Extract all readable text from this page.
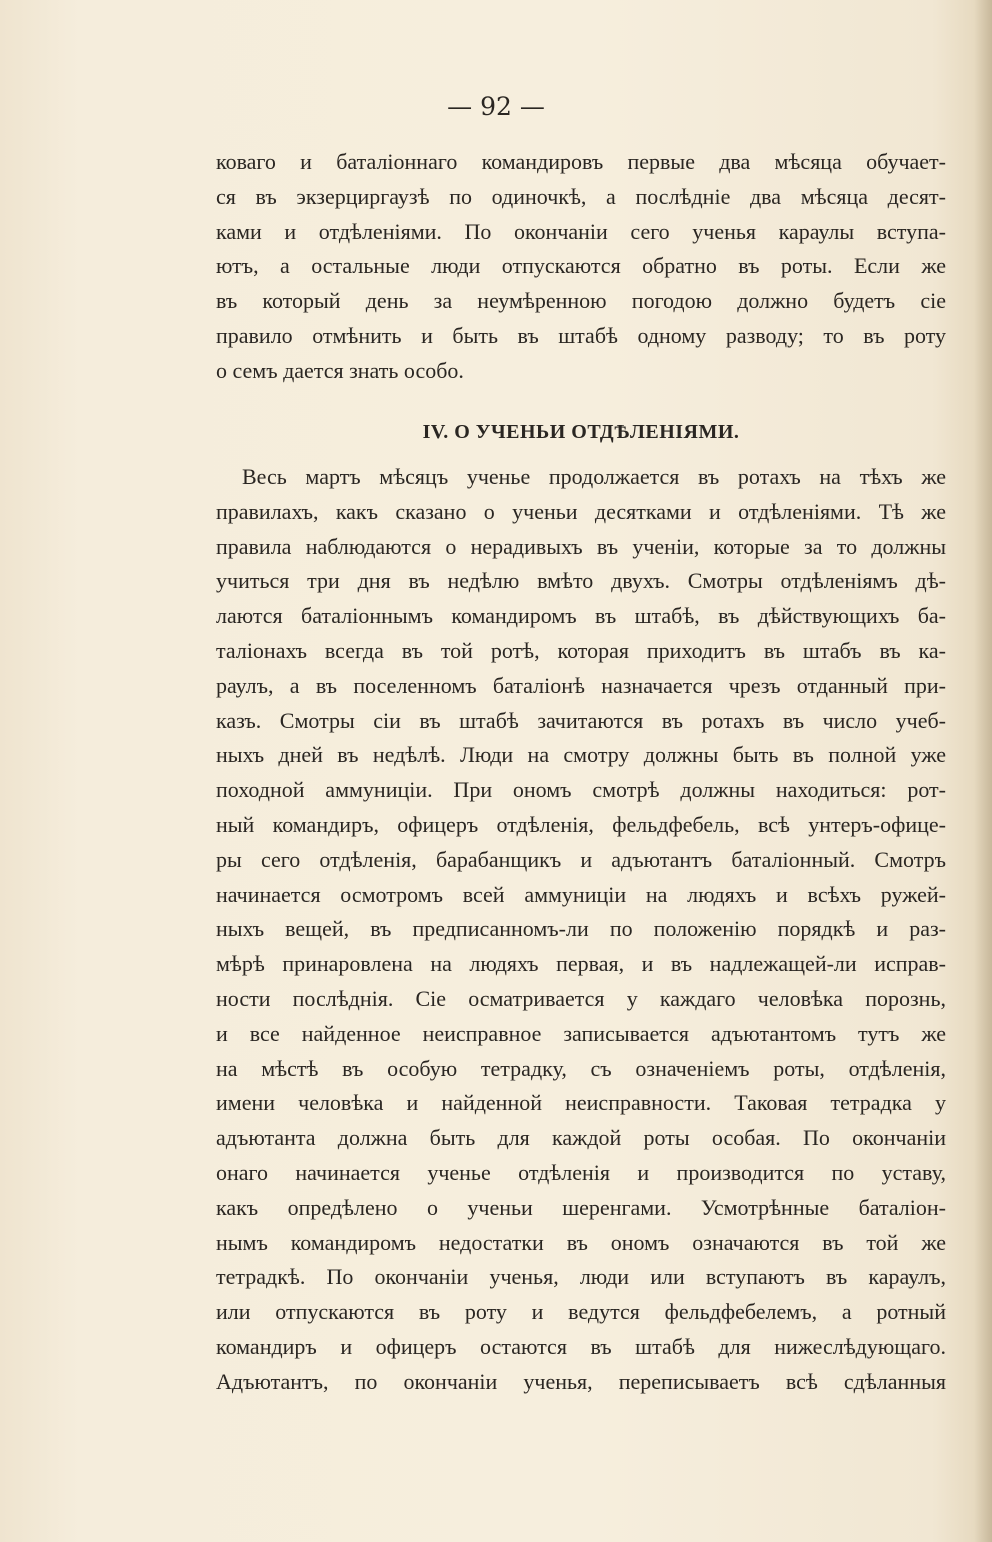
— 92 —

коваго и баталіоннаго командировъ первые два мѣсяца обучает-
ся въ экзерциргаузѣ по одиночкѣ, а послѣдніе два мѣсяца десят-
ками и отдѣленіями. По окончаніи сего ученья караулы вступа-
ютъ, а остальные люди отпускаются обратно въ роты. Если же
въ который день за неумѣренною погодою должно будетъ сіе
правило отмѣнить и быть въ штабѣ одному разводу; то въ роту
о семъ дается знать особо.
IV. О УЧЕНЬИ ОТДѢЛЕНІЯМИ.
Весь мартъ мѣсяцъ ученье продолжается въ ротахъ на тѣхъ же
правилахъ, какъ сказано о ученьи десятками и отдѣленіями. Тѣ же
правила наблюдаются о нерадивыхъ въ ученіи, которые за то должны
учиться три дня въ недѣлю вмѣто двухъ. Смотры отдѣленіямъ дѣ-
лаются баталіоннымъ командиромъ въ штабѣ, въ дѣйствующихъ ба-
таліонахъ всегда въ той ротѣ, которая приходитъ въ штабъ въ ка-
раулъ, а въ поселенномъ баталіонѣ назначается чрезъ отданный при-
казъ. Смотры сіи въ штабѣ зачитаются въ ротахъ въ число учеб-
ныхъ дней въ недѣлѣ. Люди на смотру должны быть въ полной уже
походной аммуниціи. При ономъ смотрѣ должны находиться: рот-
ный командиръ, офицеръ отдѣленія, фельдфебель, всѣ унтеръ-офице-
ры сего отдѣленія, барабанщикъ и адъютантъ баталіонный. Смотръ
начинается осмотромъ всей аммуниціи на людяхъ и всѣхъ ружей-
ныхъ вещей, въ предписанномъ-ли по положенію порядкѣ и раз-
мѣрѣ принаровлена на людяхъ первая, и въ надлежащей-ли исправ-
ности послѣднія. Сіе осматривается у каждаго человѣка порознь,
и все найденное неисправное записывается адъютантомъ тутъ же
на мѣстѣ въ особую тетрадку, съ означеніемъ роты, отдѣленія,
имени человѣка и найденной неисправности. Таковая тетрадка у
адъютанта должна быть для каждой роты особая. По окончаніи
онаго начинается ученье отдѣленія и производится по уставу,
какъ опредѣлено о ученьи шеренгами. Усмотрѣнные баталіон-
нымъ командиромъ недостатки въ ономъ означаются въ той же
тетрадкѣ. По окончаніи ученья, люди или вступаютъ въ караулъ,
или отпускаются въ роту и ведутся фельдфебелемъ, а ротный
командиръ и офицеръ остаются въ штабѣ для нижеслѣдующаго.
Адъютантъ, по окончаніи ученья, переписываетъ всѣ сдѣланныя
